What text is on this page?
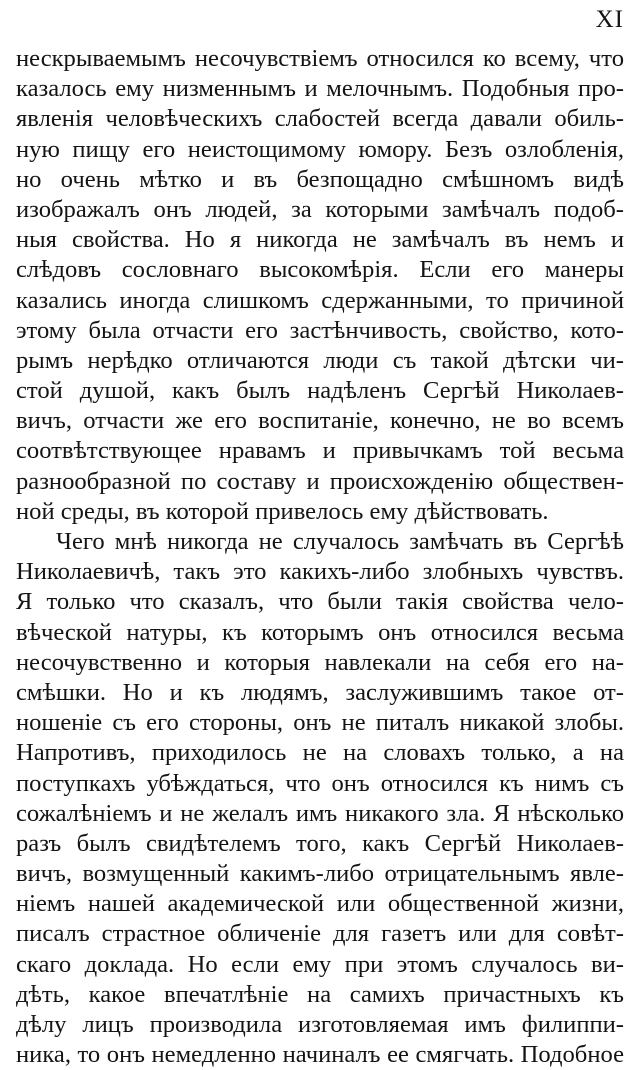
XI
нескрываемымъ несочувствiемъ относился ко всему, что
казалось ему низменнымъ и мелочнымъ. Подобныя про-
явленiя человѣческихъ слабостей всегда давали обиль-
ную пищу его неистощимому юмору. Безъ озлобленiя,
но очень мѣтко и въ безпощадно смѣшномъ видѣ
изображалъ онъ людей, за которыми замѣчалъ подоб-
ныя свойства. Но я никогда не замѣчалъ въ немъ и
слѣдовъ сословнаго высокомѣрiя. Если его манеры
казались иногда слишкомъ сдержанными, то причиной
этому была отчасти его застѣнчивость, свойство, кото-
рымъ нерѣдко отличаются люди съ такой дѣтски чи-
стой душой, какъ былъ надѣленъ Сергѣй Николаев-
вичъ, отчасти же его воспитанiе, конечно, не во всемъ
соотвѣтствующее нравамъ и привычкамъ той весьма
разнообразной по составу и происхожденiю обществен-
ной среды, въ которой привелось ему дѣйствовать.
Чего мнѣ никогда не случалось замѣчать въ Сергѣѣ
Николаевичѣ, такъ это какихъ-либо злобныхъ чувствъ.
Я только что сказалъ, что были такiя свойства чело-
вѣческой натуры, къ которымъ онъ относился весьма
несочувственно и которыя навлекали на себя его на-
смѣшки. Но и къ людямъ, заслужившимъ такое от-
ношенiе съ его стороны, онъ не питалъ никакой злобы.
Напротивъ, приходилось не на словахъ только, а на
поступкахъ убѣждаться, что онъ относился къ нимъ съ
сожалѣнiемъ и не желалъ имъ никакого зла. Я нѣсколько
разъ былъ свидѣтелемъ того, какъ Сергѣй Николаев-
вичъ, возмущенный какимъ-либо отрицательнымъ явле-
нiемъ нашей академической или общественной жизни,
писалъ страстное обличенiе для газетъ или для совѣт-
скаго доклада. Но если ему при этомъ случалось ви-
дѣть, какое впечатлѣнiе на самихъ причастныхъ къ
дѣлу лицъ производила изготовляемая имъ филиппи-
ника, то онъ немедленно начиналъ ее смягчать. Подобное
